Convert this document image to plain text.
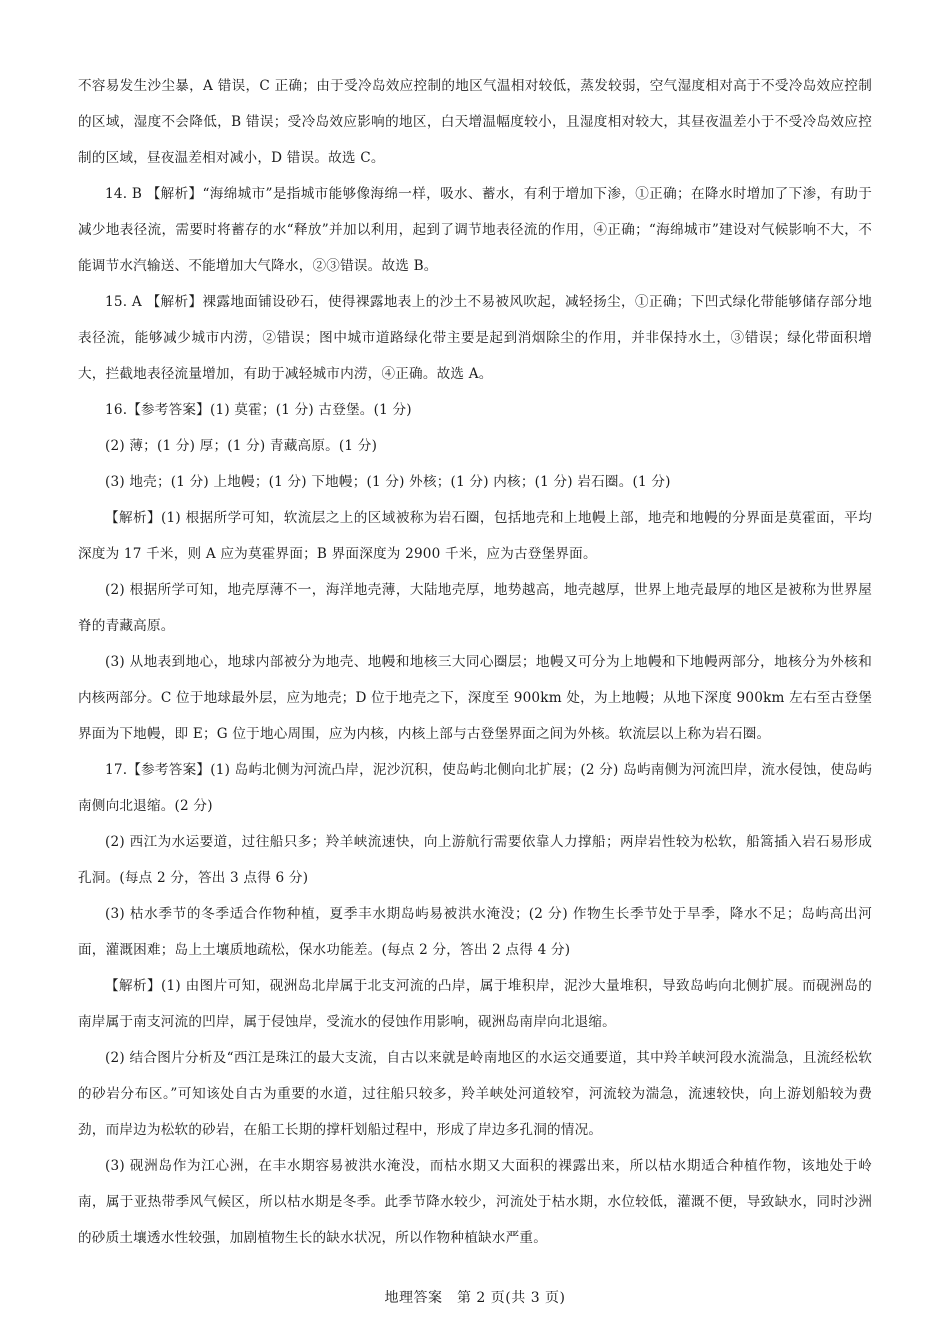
不容易发生沙尘暴，A 错误，C 正确；由于受冷岛效应控制的地区气温相对较低，蒸发较弱，空气湿度相对高于不受冷岛效应控制的区域，湿度不会降低，B 错误；受冷岛效应影响的地区，白天增温幅度较小，且湿度相对较大，其昼夜温差小于不受冷岛效应控制的区域，昼夜温差相对减小，D 错误。故选 C。

14. B 【解析】“海绵城市”是指城市能够像海绵一样，吸水、蓄水，有利于增加下渗，①正确；在降水时增加了下渗，有助于减少地表径流，需要时将蓄存的水“释放”并加以利用，起到了调节地表径流的作用，④正确；“海绵城市”建设对气候影响不大，不能调节水汽输送、不能增加大气降水，②③错误。故选 B。

15. A 【解析】裸露地面铺设砂石，使得裸露地表上的沙土不易被风吹起，减轻扬尘，①正确；下凹式绿化带能够储存部分地表径流，能够减少城市内涝，②错误；图中城市道路绿化带主要是起到消烟除尘的作用，并非保持水土，③错误；绿化带面积增大，拦截地表径流量增加，有助于减轻城市内涝，④正确。故选 A。

16.【参考答案】(1) 莫霍；(1 分) 古登堡。(1 分)

(2) 薄；(1 分) 厚；(1 分) 青藏高原。(1 分)

(3) 地壳；(1 分) 上地幔；(1 分) 下地幔；(1 分) 外核；(1 分) 内核；(1 分) 岩石圈。(1 分)

【解析】(1) 根据所学可知，软流层之上的区域被称为岩石圈，包括地壳和上地幔上部，地壳和地幔的分界面是莫霍面，平均深度为 17 千米，则 A 应为莫霍界面；B 界面深度为 2900 千米，应为古登堡界面。

(2) 根据所学可知，地壳厚薄不一，海洋地壳薄，大陆地壳厚，地势越高，地壳越厚，世界上地壳最厚的地区是被称为世界屋脊的青藏高原。

(3) 从地表到地心，地球内部被分为地壳、地幔和地核三大同心圈层；地幔又可分为上地幔和下地幔两部分，地核分为外核和内核两部分。C 位于地球最外层，应为地壳；D 位于地壳之下，深度至 900km 处，为上地幔；从地下深度 900km 左右至古登堡界面为下地幔，即 E；G 位于地心周围，应为内核，内核上部与古登堡界面之间为外核。软流层以上称为岩石圈。

17.【参考答案】(1) 岛屿北侧为河流凸岸，泥沙沉积，使岛屿北侧向北扩展；(2 分) 岛屿南侧为河流凹岸，流水侵蚀，使岛屿南侧向北退缩。(2 分)

(2) 西江为水运要道，过往船只多；羚羊峡流速快，向上游航行需要依靠人力撑船；两岸岩性较为松软，船篙插入岩石易形成孔洞。(每点 2 分，答出 3 点得 6 分)

(3) 枯水季节的冬季适合作物种植，夏季丰水期岛屿易被洪水淹没；(2 分) 作物生长季节处于旱季，降水不足；岛屿高出河面，灌溉困难；岛上土壤质地疏松，保水功能差。(每点 2 分，答出 2 点得 4 分)

【解析】(1) 由图片可知，砚洲岛北岸属于北支河流的凸岸，属于堆积岸，泥沙大量堆积，导致岛屿向北侧扩展。而砚洲岛的南岸属于南支河流的凹岸，属于侵蚀岸，受流水的侵蚀作用影响，砚洲岛南岸向北退缩。

(2) 结合图片分析及“西江是珠江的最大支流，自古以来就是岭南地区的水运交通要道，其中羚羊峡河段水流湍急，且流经松软的砂岩分布区。”可知该处自古为重要的水道，过往船只较多，羚羊峡处河道较窄，河流较为湍急，流速较快，向上游划船较为费劲，而岸边为松软的砂岩，在船工长期的撑杆划船过程中，形成了岸边多孔洞的情况。

(3) 砚洲岛作为江心洲，在丰水期容易被洪水淹没，而枯水期又大面积的裸露出来，所以枯水期适合种植作物，该地处于岭南，属于亚热带季风气候区，所以枯水期是冬季。此季节降水较少，河流处于枯水期，水位较低，灌溉不便，导致缺水，同时沙洲的砂质土壤透水性较强，加剧植物生长的缺水状况，所以作物种植缺水严重。

地理答案　第 2 页(共 3 页)
